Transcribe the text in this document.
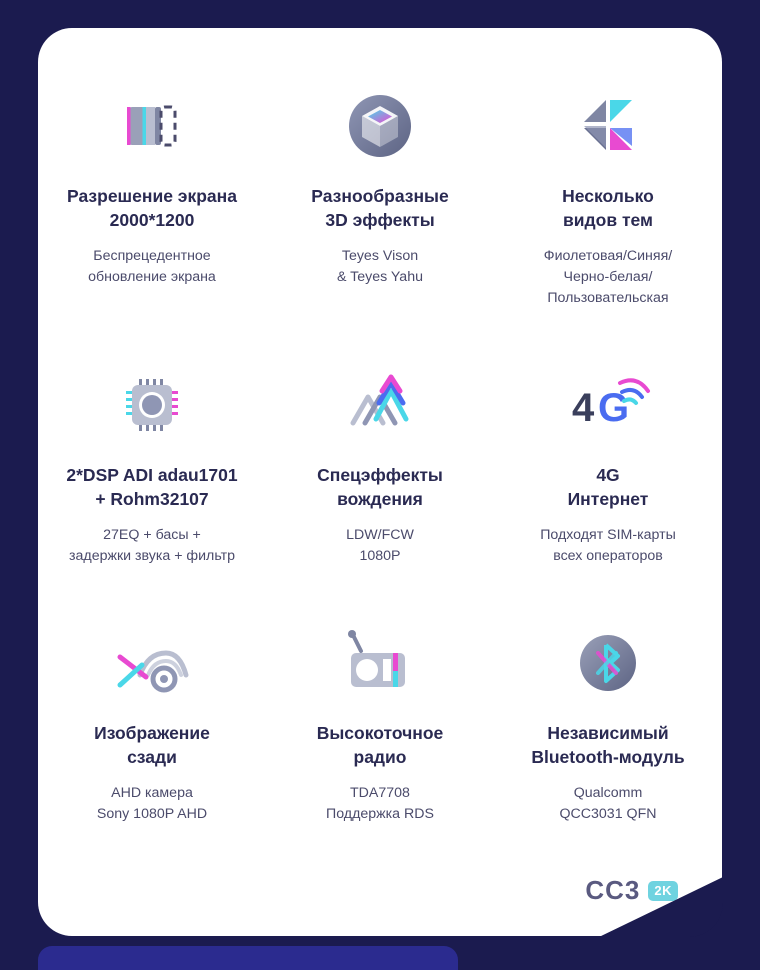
Разрешение экрана
2000*1200
Беспрецедентное
обновление экрана
Разнообразные
3D эффекты
Teyes Vison
& Teyes Yahu
Несколько
видов тем
Фиолетовая/Синяя/
Черно-белая/
Пользовательская
2*DSP ADI adau1701
+ Rohm32107
27EQ + басы +
задержки звука + фильтр
Спецэффекты
вождения
LDW/FCW
1080P
4 G
4G
Интернет
Подходят SIM-карты
всех операторов
Изображение
сзади
AHD камера
Sony 1080P AHD
Высокоточное
радио
TDA7708
Поддержка RDS
Независимый
Bluetooth-модуль
Qualcomm
QCC3031 QFN
CC3	2K
